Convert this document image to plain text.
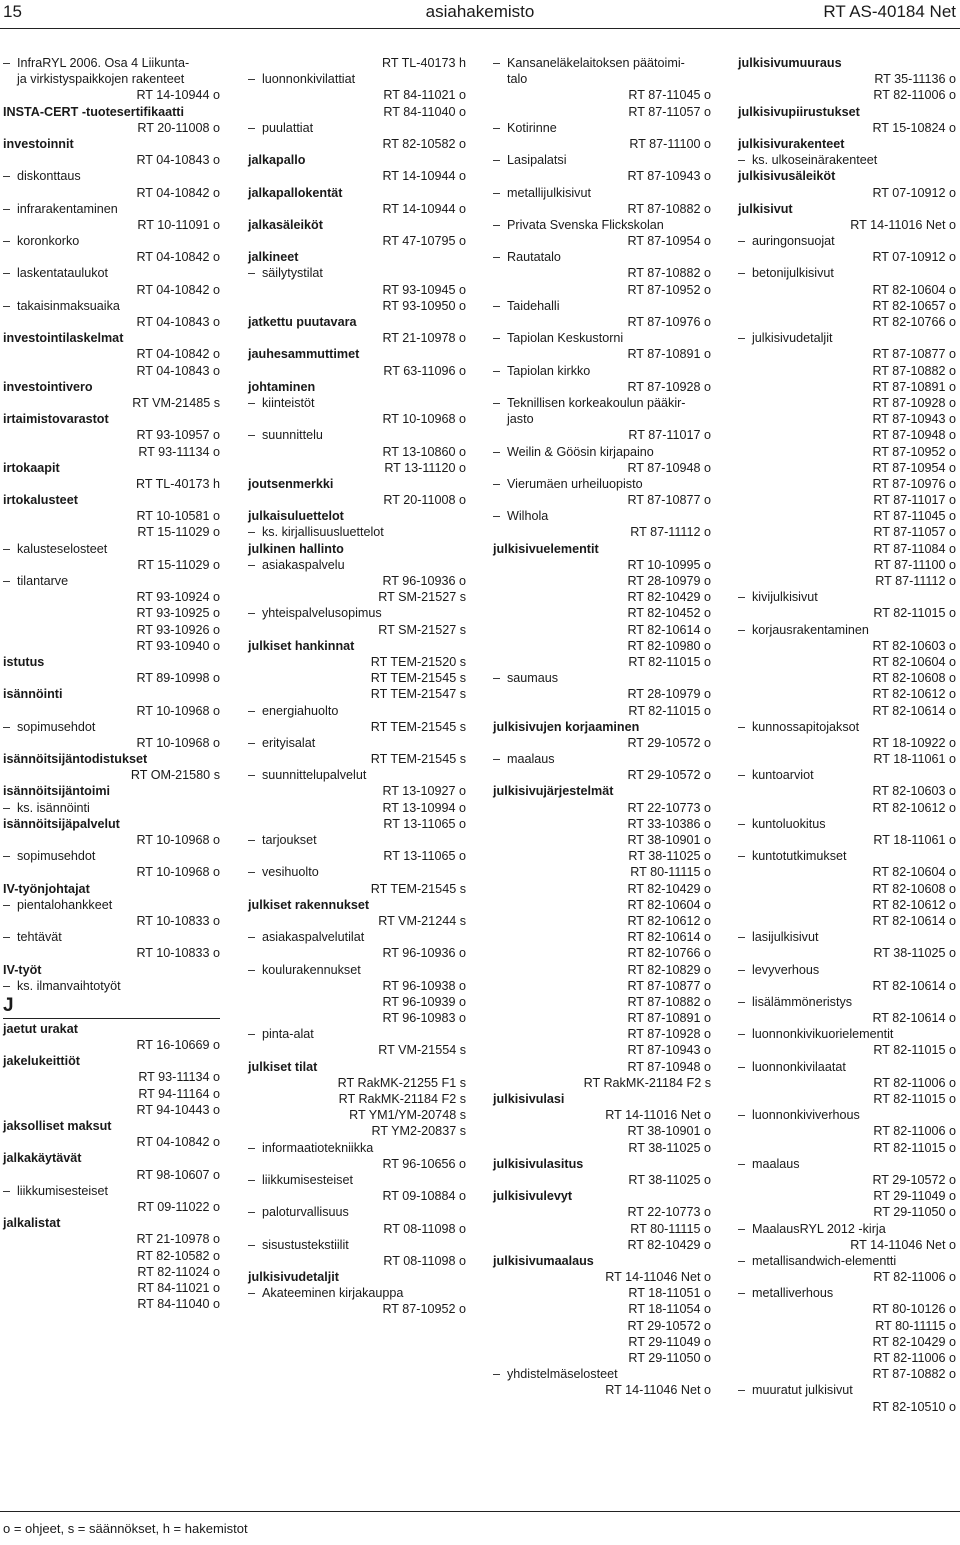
15	asiahakemisto	RT AS-40184 Net
– InfraRYL 2006. Osa 4 Liikunta-
ja virkistyspaikkojen rakenteet
RT 14-10944 o
INSTA-CERT -tuotesertifikaatti
RT 20-11008 o
investoinnit
RT 04-10843 o
– diskonttaus
RT 04-10842 o
– infrarakentaminen
RT 10-11091 o
– koronkorko
RT 04-10842 o
– laskentataulukot
RT 04-10842 o
– takaisinmaksuaika
RT 04-10843 o
investointilaskelmat
RT 04-10842 o
RT 04-10843 o
investointivero
RT VM-21485 s
irtaimistovarastot
RT 93-10957 o
RT 93-11134 o
irtokaapit
RT TL-40173 h
irtokalusteet
RT 10-10581 o
RT 15-11029 o
– kalusteselosteet
RT 15-11029 o
– tilantarve
RT 93-10924 o
RT 93-10925 o
RT 93-10926 o
RT 93-10940 o
istutus
RT 89-10998 o
isännöinti
RT 10-10968 o
– sopimusehdot
RT 10-10968 o
isännöitsijäntodistukset
RT OM-21580 s
isännöitsijäntoimi
– ks. isännöinti
isännöitsijäpalvelut
RT 10-10968 o
– sopimusehdot
RT 10-10968 o
IV-työnjohtajat
– pientalohankkeet
RT 10-10833 o
– tehtävät
RT 10-10833 o
IV-työt
– ks. ilmanvaihtotyöt
J
jaetut urakat
RT 16-10669 o
jakelukeittiöt
RT 93-11134 o
RT 94-11164 o
RT 94-10443 o
jaksolliset maksut
RT 04-10842 o
jalkakäytävät
RT 98-10607 o
– liikkumisesteiset
RT 09-11022 o
jalkalistat
RT 21-10978 o
RT 82-10582 o
RT 82-11024 o
RT 84-11021 o
RT 84-11040 o
RT TL-40173 h
– luonnonkivilattiat
RT 84-11021 o
RT 84-11040 o
– puulattiat
RT 82-10582 o
jalkapallo
RT 14-10944 o
jalkapallokentät
RT 14-10944 o
jalkasäleiköt
RT 47-10795 o
jalkineet
– säilytystilat
RT 93-10945 o
RT 93-10950 o
jatkettu puutavara
RT 21-10978 o
jauhesammuttimet
RT 63-11096 o
johtaminen
– kiinteistöt
RT 10-10968 o
– suunnittelu
RT 13-10860 o
RT 13-11120 o
joutsenmerkki
RT 20-11008 o
julkaisuluettelot
– ks. kirjallisuusluettelot
julkinen hallinto
– asiakaspalvelu
RT 96-10936 o
RT SM-21527 s
– yhteispalvelusopimus
RT SM-21527 s
julkiset hankinnat
RT TEM-21520 s
RT TEM-21545 s
RT TEM-21547 s
– energiahuolto
RT TEM-21545 s
– erityisalat
RT TEM-21545 s
– suunnittelupalvelut
RT 13-10927 o
RT 13-10994 o
RT 13-11065 o
– tarjoukset
RT 13-11065 o
– vesihuolto
RT TEM-21545 s
julkiset rakennukset
RT VM-21244 s
– asiakaspalvelutilat
RT 96-10936 o
– koulurakennukset
RT 96-10938 o
RT 96-10939 o
RT 96-10983 o
– pinta-alat
RT VM-21554 s
julkiset tilat
RT RakMK-21255 F1 s
RT RakMK-21184 F2 s
RT YM1/YM-20748 s
RT YM2-20837 s
– informaatiotekniikka
RT 96-10656 o
– liikkumisesteiset
RT 09-10884 o
– paloturvallisuus
RT 08-11098 o
– sisustustekstiilit
RT 08-11098 o
julkisivudetaljit
– Akateeminen kirjakauppa
RT 87-10952 o
– Kansaneläkelaitoksen päätoimi-
talo
RT 87-11045 o
RT 87-11057 o
– Kotirinne
RT 87-11100 o
– Lasipalatsi
RT 87-10943 o
– metallijulkisivut
RT 87-10882 o
– Privata Svenska Flickskolan
RT 87-10954 o
– Rautatalo
RT 87-10882 o
RT 87-10952 o
– Taidehalli
RT 87-10976 o
– Tapiolan Keskustorni
RT 87-10891 o
– Tapiolan kirkko
RT 87-10928 o
– Teknillisen korkeakoulun pääkir-
jasto
RT 87-11017 o
– Weilin & Göösin kirjapaino
RT 87-10948 o
– Vierumäen urheiluopisto
RT 87-10877 o
– Wilhola
RT 87-11112 o
julkisivuelementit
RT 10-10995 o
RT 28-10979 o
RT 82-10429 o
RT 82-10452 o
RT 82-10614 o
RT 82-10980 o
RT 82-11015 o
– saumaus
RT 28-10979 o
RT 82-11015 o
julkisivujen korjaaminen
RT 29-10572 o
– maalaus
RT 29-10572 o
julkisivujärjestelmät
RT 22-10773 o
RT 33-10386 o
RT 38-10901 o
RT 38-11025 o
RT 80-11115 o
RT 82-10429 o
RT 82-10604 o
RT 82-10612 o
RT 82-10614 o
RT 82-10766 o
RT 82-10829 o
RT 87-10877 o
RT 87-10882 o
RT 87-10891 o
RT 87-10928 o
RT 87-10943 o
RT 87-10948 o
RT RakMK-21184 F2 s
julkisivulasi
RT 14-11016 Net o
RT 38-10901 o
RT 38-11025 o
julkisivulasitus
RT 38-11025 o
julkisivulevyt
RT 22-10773 o
RT 80-11115 o
RT 82-10429 o
julkisivumaalaus
RT 14-11046 Net o
RT 18-11051 o
RT 18-11054 o
RT 29-10572 o
RT 29-11049 o
RT 29-11050 o
– yhdistelmäselosteet
RT 14-11046 Net o
julkisivumuuraus
RT 35-11136 o
RT 82-11006 o
julkisivupiirustukset
RT 15-10824 o
julkisivurakenteet
– ks. ulkoseinärakenteet
julkisivusäleiköt
RT 07-10912 o
julkisivut
RT 14-11016 Net o
– auringonsuojat
RT 07-10912 o
– betonijulkisivut
RT 82-10604 o
RT 82-10657 o
RT 82-10766 o
– julkisivudetaljit
RT 87-10877 o
RT 87-10882 o
RT 87-10891 o
RT 87-10928 o
RT 87-10943 o
RT 87-10948 o
RT 87-10952 o
RT 87-10954 o
RT 87-10976 o
RT 87-11017 o
RT 87-11045 o
RT 87-11057 o
RT 87-11084 o
RT 87-11100 o
RT 87-11112 o
– kivijulkisivut
RT 82-11015 o
– korjausrakentaminen
RT 82-10603 o
RT 82-10604 o
RT 82-10608 o
RT 82-10612 o
RT 82-10614 o
– kunnossapitojaksot
RT 18-10922 o
RT 18-11061 o
– kuntoarviot
RT 82-10603 o
RT 82-10612 o
– kuntoluokitus
RT 18-11061 o
– kuntotutkimukset
RT 82-10604 o
RT 82-10608 o
RT 82-10612 o
RT 82-10614 o
– lasijulkisivut
RT 38-11025 o
– levyverhous
RT 82-10614 o
– lisälämmöneristys
RT 82-10614 o
– luonnonkivikuorielementit
RT 82-11015 o
– luonnonkivilaatat
RT 82-11006 o
RT 82-11015 o
– luonnonkiviverhous
RT 82-11006 o
RT 82-11015 o
– maalaus
RT 29-10572 o
RT 29-11049 o
RT 29-11050 o
– MaalausRYL 2012 -kirja
RT 14-11046 Net o
– metallisandwich-elementti
RT 82-11006 o
– metalliverhous
RT 80-10126 o
RT 80-11115 o
RT 82-10429 o
RT 82-11006 o
RT 87-10882 o
– muuratut julkisivut
RT 82-10510 o
o = ohjeet, s = säännökset, h = hakemistot
